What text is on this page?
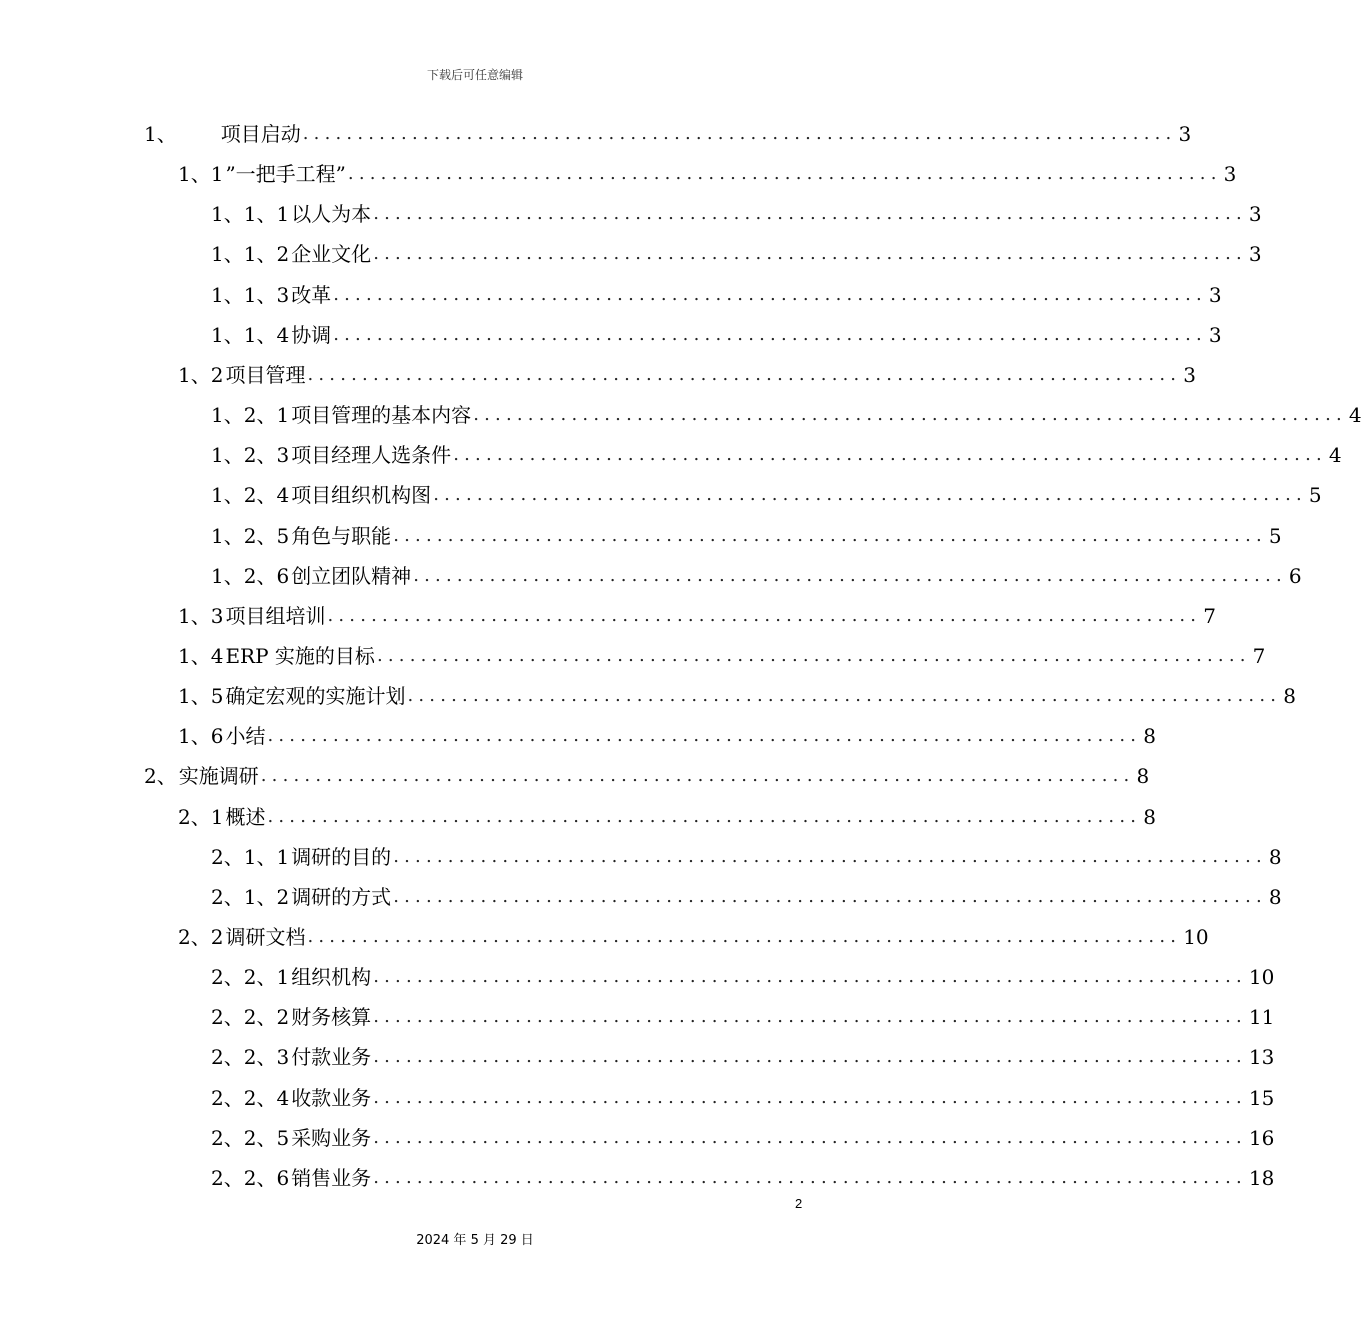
下载后可任意编辑
1、 项目启动 ................................................................................ 3
1、1 ”一把手工程” ................................................................................ 3
1、1、1 以人为本 ................................................................................ 3
1、1、2 企业文化 ................................................................................ 3
1、1、3 改革 ................................................................................ 3
1、1、4 协调 ................................................................................ 3
1、2 项目管理 ................................................................................ 3
1、2、1 项目管理的基本内容 ................................................................................ 4
1、2、3 项目经理人选条件 ................................................................................ 4
1、2、4 项目组织机构图 ................................................................................ 5
1、2、5 角色与职能 ................................................................................ 5
1、2、6 创立团队精神 ................................................................................ 6
1、3 项目组培训 ................................................................................ 7
1、4 ERP 实施的目标 ................................................................................ 7
1、5 确定宏观的实施计划 ................................................................................ 8
1、6 小结 ................................................................................ 8
2、 实施调研 ................................................................................ 8
2、1 概述 ................................................................................ 8
2、1、1 调研的目的 ................................................................................ 8
2、1、2 调研的方式 ................................................................................ 8
2、2 调研文档 ................................................................................ 10
2、2、1 组织机构 ................................................................................ 10
2、2、2 财务核算 ................................................................................ 11
2、2、3 付款业务 ................................................................................ 13
2、2、4 收款业务 ................................................................................ 15
2、2、5 采购业务 ................................................................................ 16
2、2、6 销售业务 ................................................................................ 18
2
2024 年 5 月 29 日
